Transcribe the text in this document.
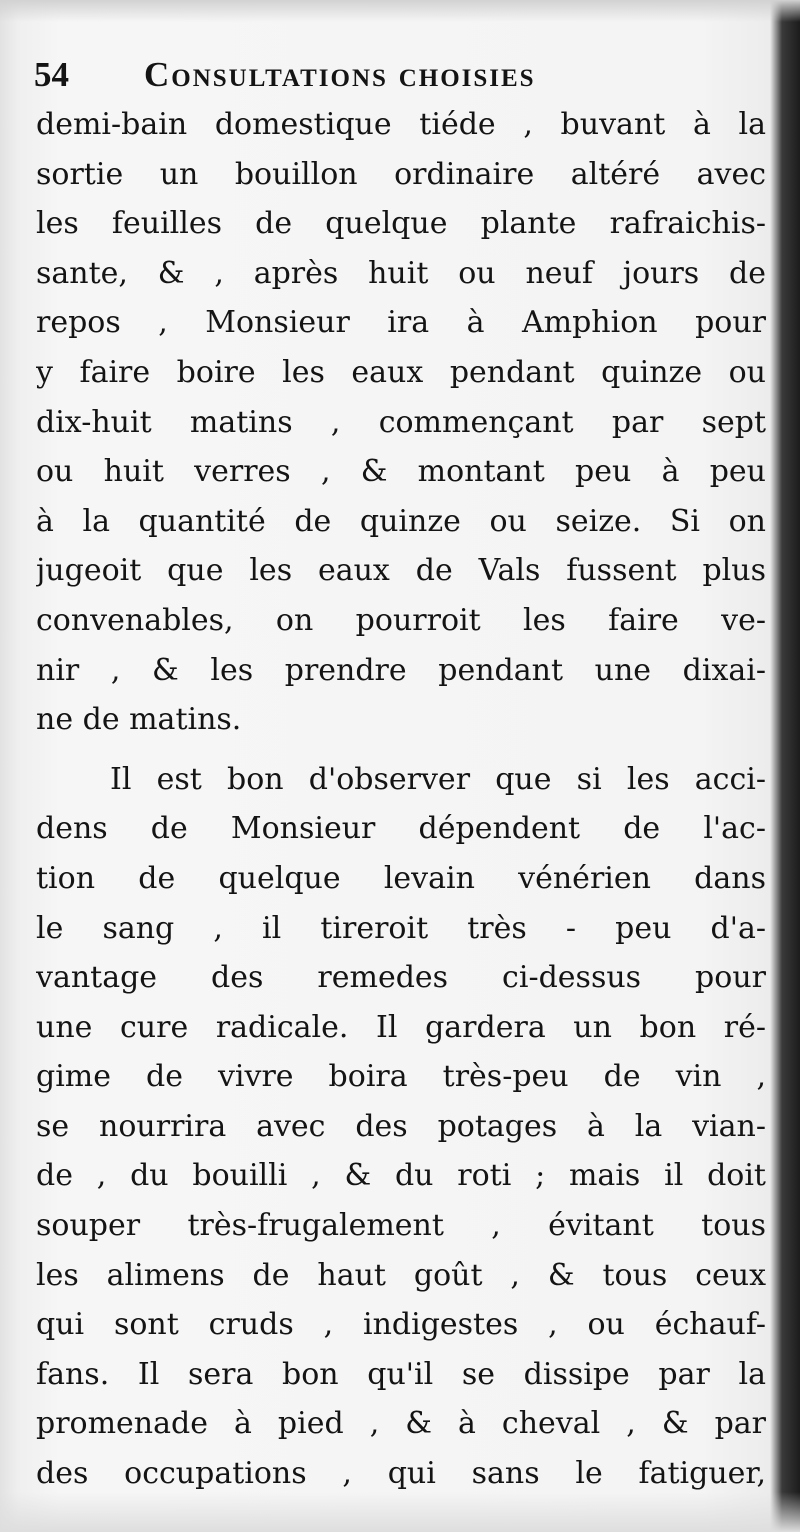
54	Consultations choisies
demi-bain domestique tiéde , buvant à la
sortie un bouillon ordinaire altéré avec
les feuilles de quelque plante rafraichis-
sante, & , après huit ou neuf jours de
repos , Monsieur ira à Amphion pour
y faire boire les eaux pendant quinze ou
dix-huit matins , commençant par sept
ou huit verres , & montant peu à peu
à la quantité de quinze ou seize. Si on
jugeoit que les eaux de Vals fussent plus
convenables, on pourroit les faire ve-
nir , & les prendre pendant une dixai-
ne de matins.
Il est bon d'observer que si les acci-
dens de Monsieur dépendent de l'ac-
tion de quelque levain vénérien dans
le sang , il tireroit très - peu d'a-
vantage des remedes ci-dessus pour
une cure radicale. Il gardera un bon ré-
gime de vivre boira très-peu de vin ,
se nourrira avec des potages à la vian-
de , du bouilli , & du roti ; mais il doit
souper très-frugalement , évitant tous
les alimens de haut goût , & tous ceux
qui sont cruds , indigestes , ou échauf-
fans. Il sera bon qu'il se dissipe par la
promenade à pied , & à cheval , & par
des occupations , qui sans le fatiguer,
